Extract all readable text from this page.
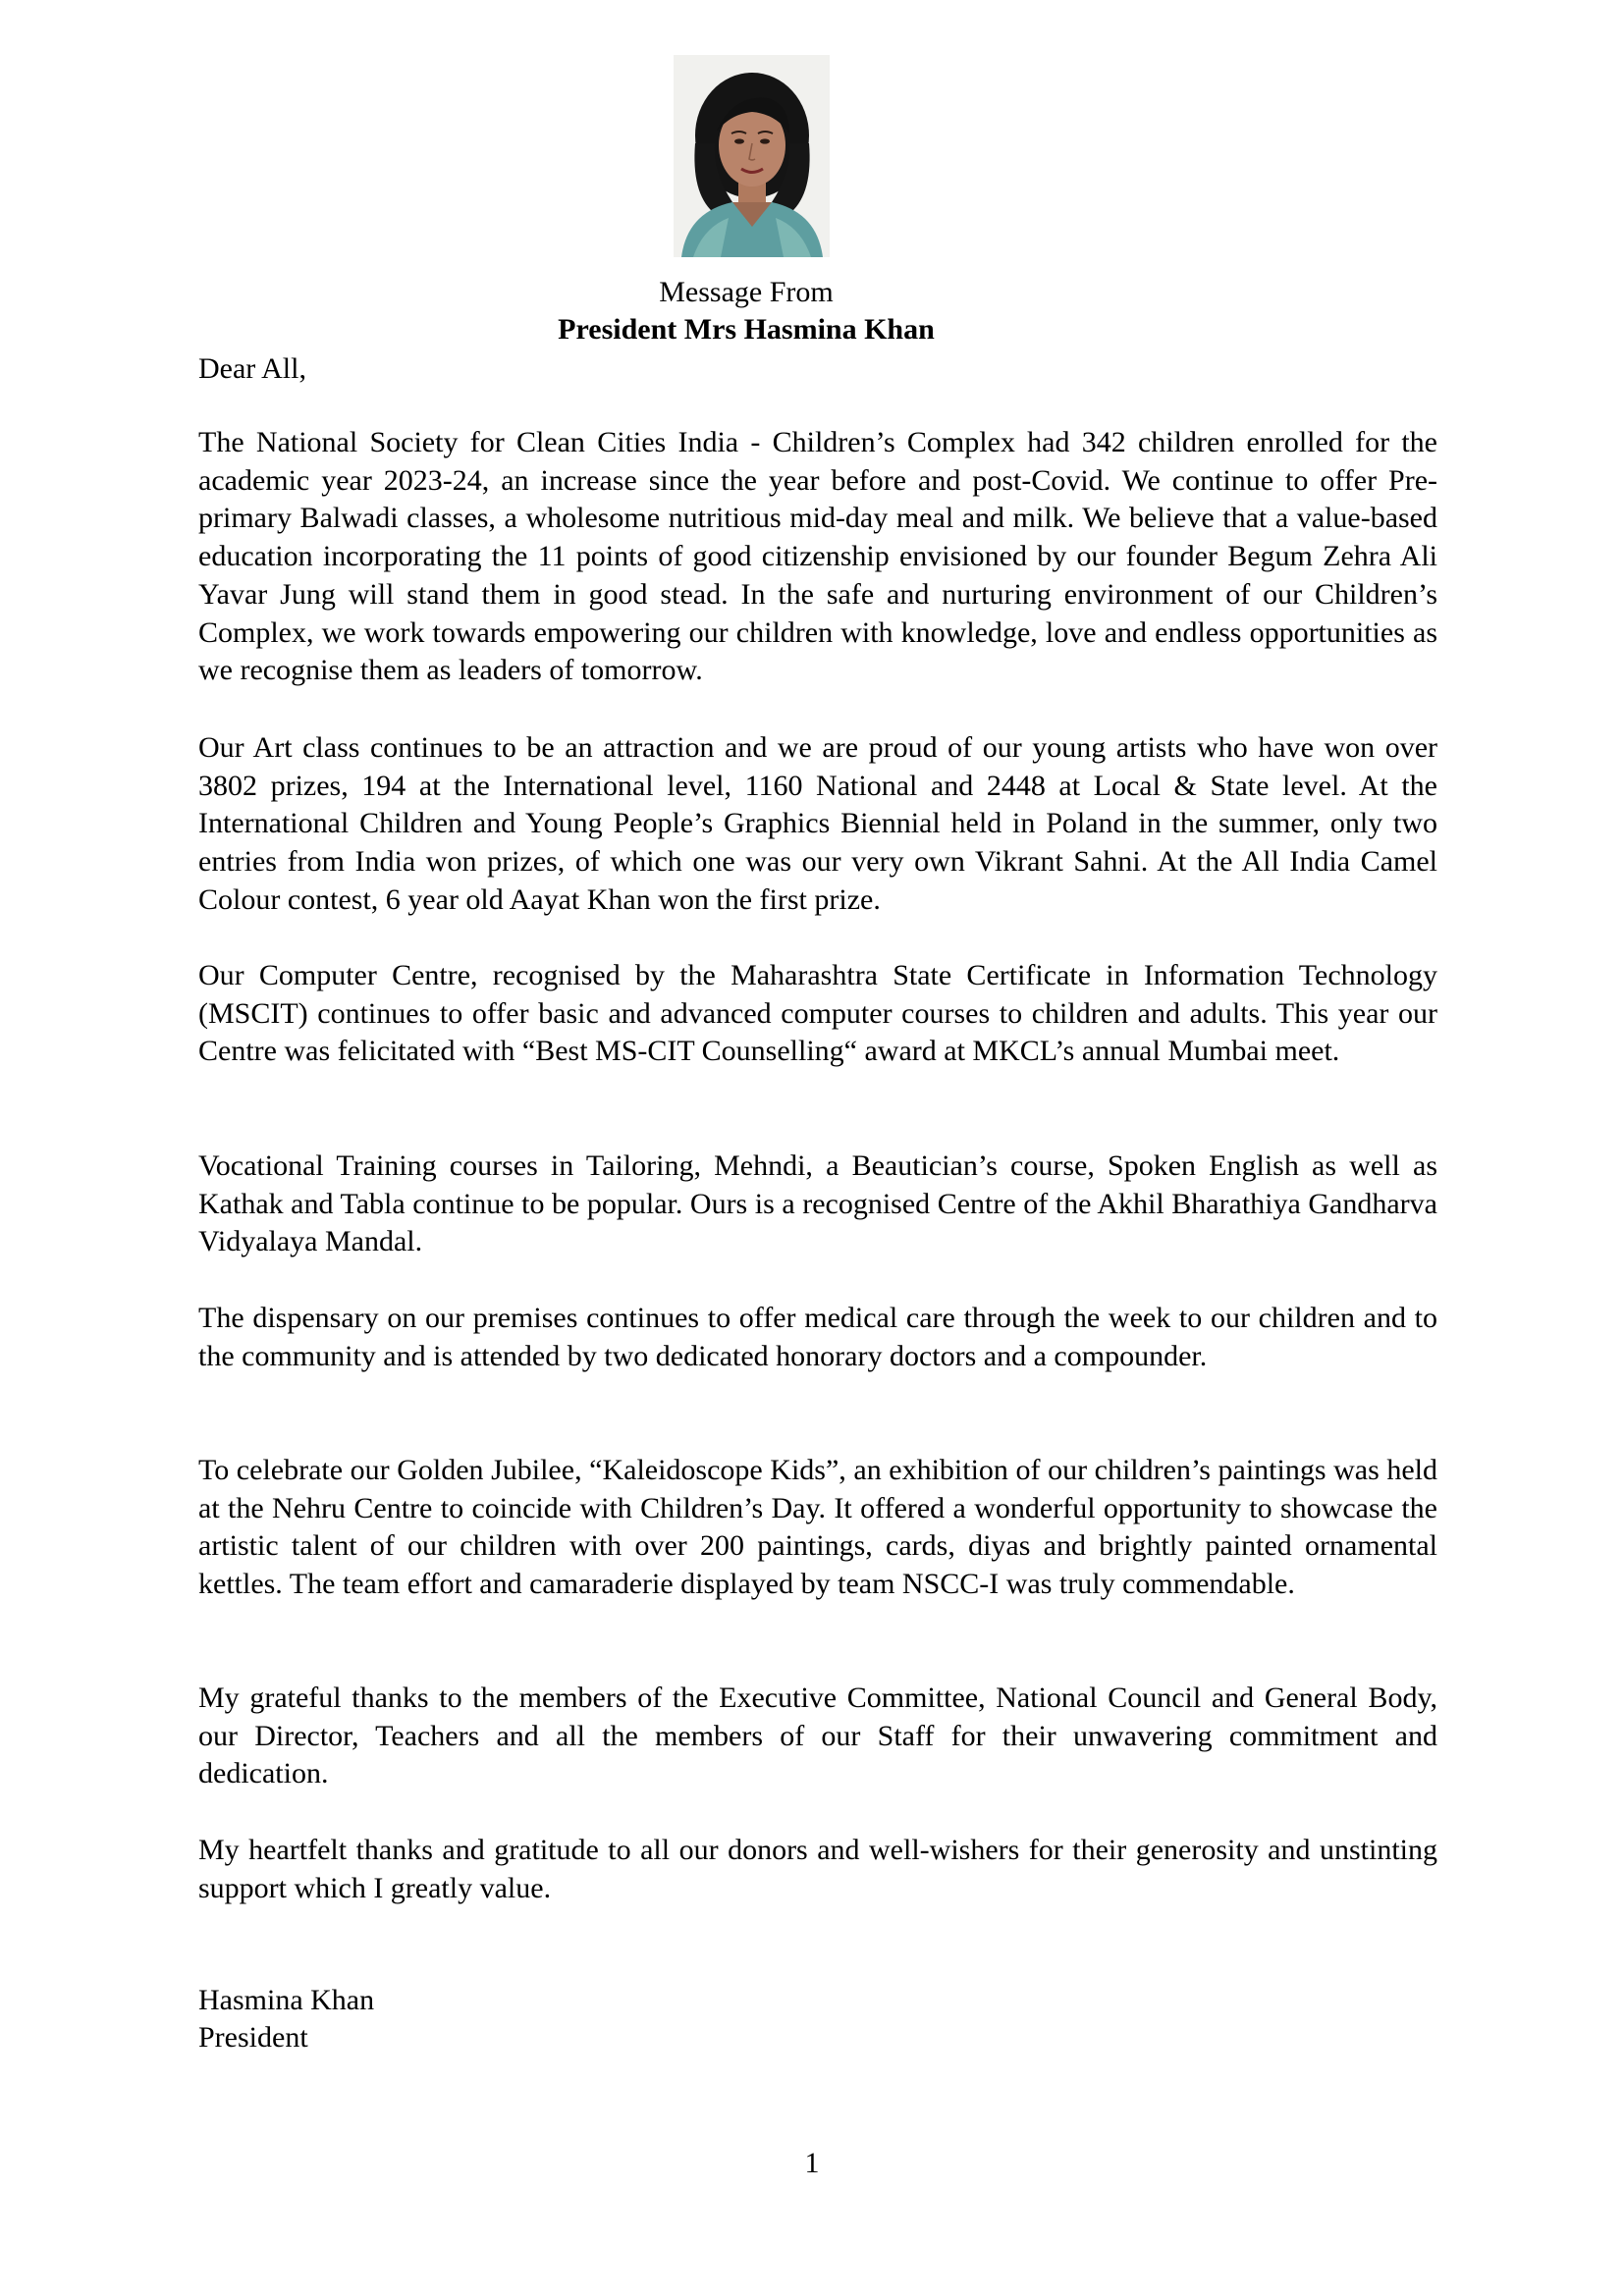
Message From
President Mrs Hasmina Khan
Dear All,

The National Society for Clean Cities India - Children’s Complex had 342 children enrolled for the academic year 2023-24, an increase since the year before and post-Covid. We continue to offer Pre-primary Balwadi classes, a wholesome nutritious mid-day meal and milk. We believe that a value-based education incorporating the 11 points of good citizenship envisioned by our founder Begum Zehra Ali Yavar Jung will stand them in good stead. In the safe and nurturing environment of our Children’s Complex, we work towards empowering our children with knowledge, love and endless opportunities as we recognise them as leaders of tomorrow.

Our Art class continues to be an attraction and we are proud of our young artists who have won over 3802 prizes, 194 at the International level, 1160 National and 2448 at Local & State level. At the International Children and Young People’s Graphics Biennial held in Poland in the summer, only two entries from India won prizes, of which one was our very own Vikrant Sahni. At the All India Camel Colour contest, 6 year old Aayat Khan won the first prize.

Our Computer Centre, recognised by the Maharashtra State Certificate in Information Technology (MSCIT) continues to offer basic and advanced computer courses to children and adults. This year our Centre was felicitated with “Best MS-CIT Counselling“ award at MKCL’s annual Mumbai meet.

Vocational Training courses in Tailoring, Mehndi, a Beautician’s course, Spoken English as well as Kathak and Tabla continue to be popular. Ours is a recognised Centre of the Akhil Bharathiya Gandharva Vidyalaya Mandal.

The dispensary on our premises continues to offer medical care through the week to our children and to the community and is attended by two dedicated honorary doctors and a compounder.

To celebrate our Golden Jubilee, “Kaleidoscope Kids”, an exhibition of our children’s paintings was held at the Nehru Centre to coincide with Children’s Day. It offered a wonderful opportunity to showcase the artistic talent of our children with over 200 paintings, cards, diyas and brightly painted ornamental kettles. The team effort and camaraderie displayed by team NSCC-I was truly commendable.

My grateful thanks to the members of the Executive Committee, National Council and General Body, our Director, Teachers and all the members of our Staff for their unwavering commitment and dedication.

My heartfelt thanks and gratitude to all our donors and well-wishers for their generosity and unstinting support which I greatly value.

Hasmina Khan
President
1
